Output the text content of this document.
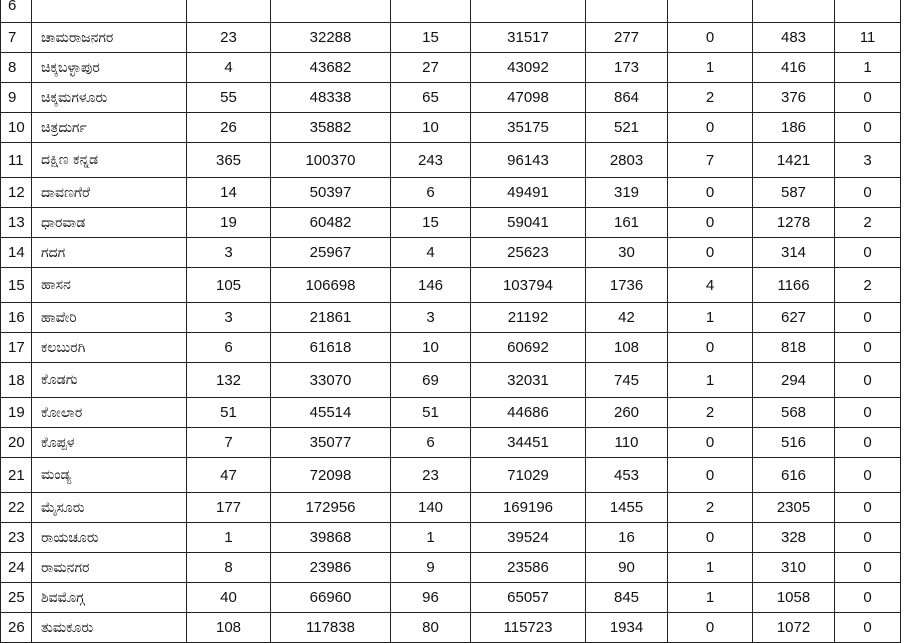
6									
7	ಚಾಮರಾಜನಗರ	23	32288	15	31517	277	0	483	11
8	ಚಿಕ್ಕಬಳ್ಳಾಪುರ	4	43682	27	43092	173	1	416	1
9	ಚಿಕ್ಕಮಗಳೂರು	55	48338	65	47098	864	2	376	0
10	ಚಿತ್ರದುರ್ಗ	26	35882	10	35175	521	0	186	0
11	ದಕ್ಷಿಣ ಕನ್ನಡ	365	100370	243	96143	2803	7	1421	3
12	ದಾವಣಗೆರೆ	14	50397	6	49491	319	0	587	0
13	ಧಾರವಾಡ	19	60482	15	59041	161	0	1278	2
14	ಗದಗ	3	25967	4	25623	30	0	314	0
15	ಹಾಸನ	105	106698	146	103794	1736	4	1166	2
16	ಹಾವೇರಿ	3	21861	3	21192	42	1	627	0
17	ಕಲಬುರಗಿ	6	61618	10	60692	108	0	818	0
18	ಕೊಡಗು	132	33070	69	32031	745	1	294	0
19	ಕೋಲಾರ	51	45514	51	44686	260	2	568	0
20	ಕೊಪ್ಪಳ	7	35077	6	34451	110	0	516	0
21	ಮಂಡ್ಯ	47	72098	23	71029	453	0	616	0
22	ಮೈಸೂರು	177	172956	140	169196	1455	2	2305	0
23	ರಾಯಚೂರು	1	39868	1	39524	16	0	328	0
24	ರಾಮನಗರ	8	23986	9	23586	90	1	310	0
25	ಶಿವಮೊಗ್ಗ	40	66960	96	65057	845	1	1058	0
26	ತುಮಕೂರು	108	117838	80	115723	1934	0	1072	0
